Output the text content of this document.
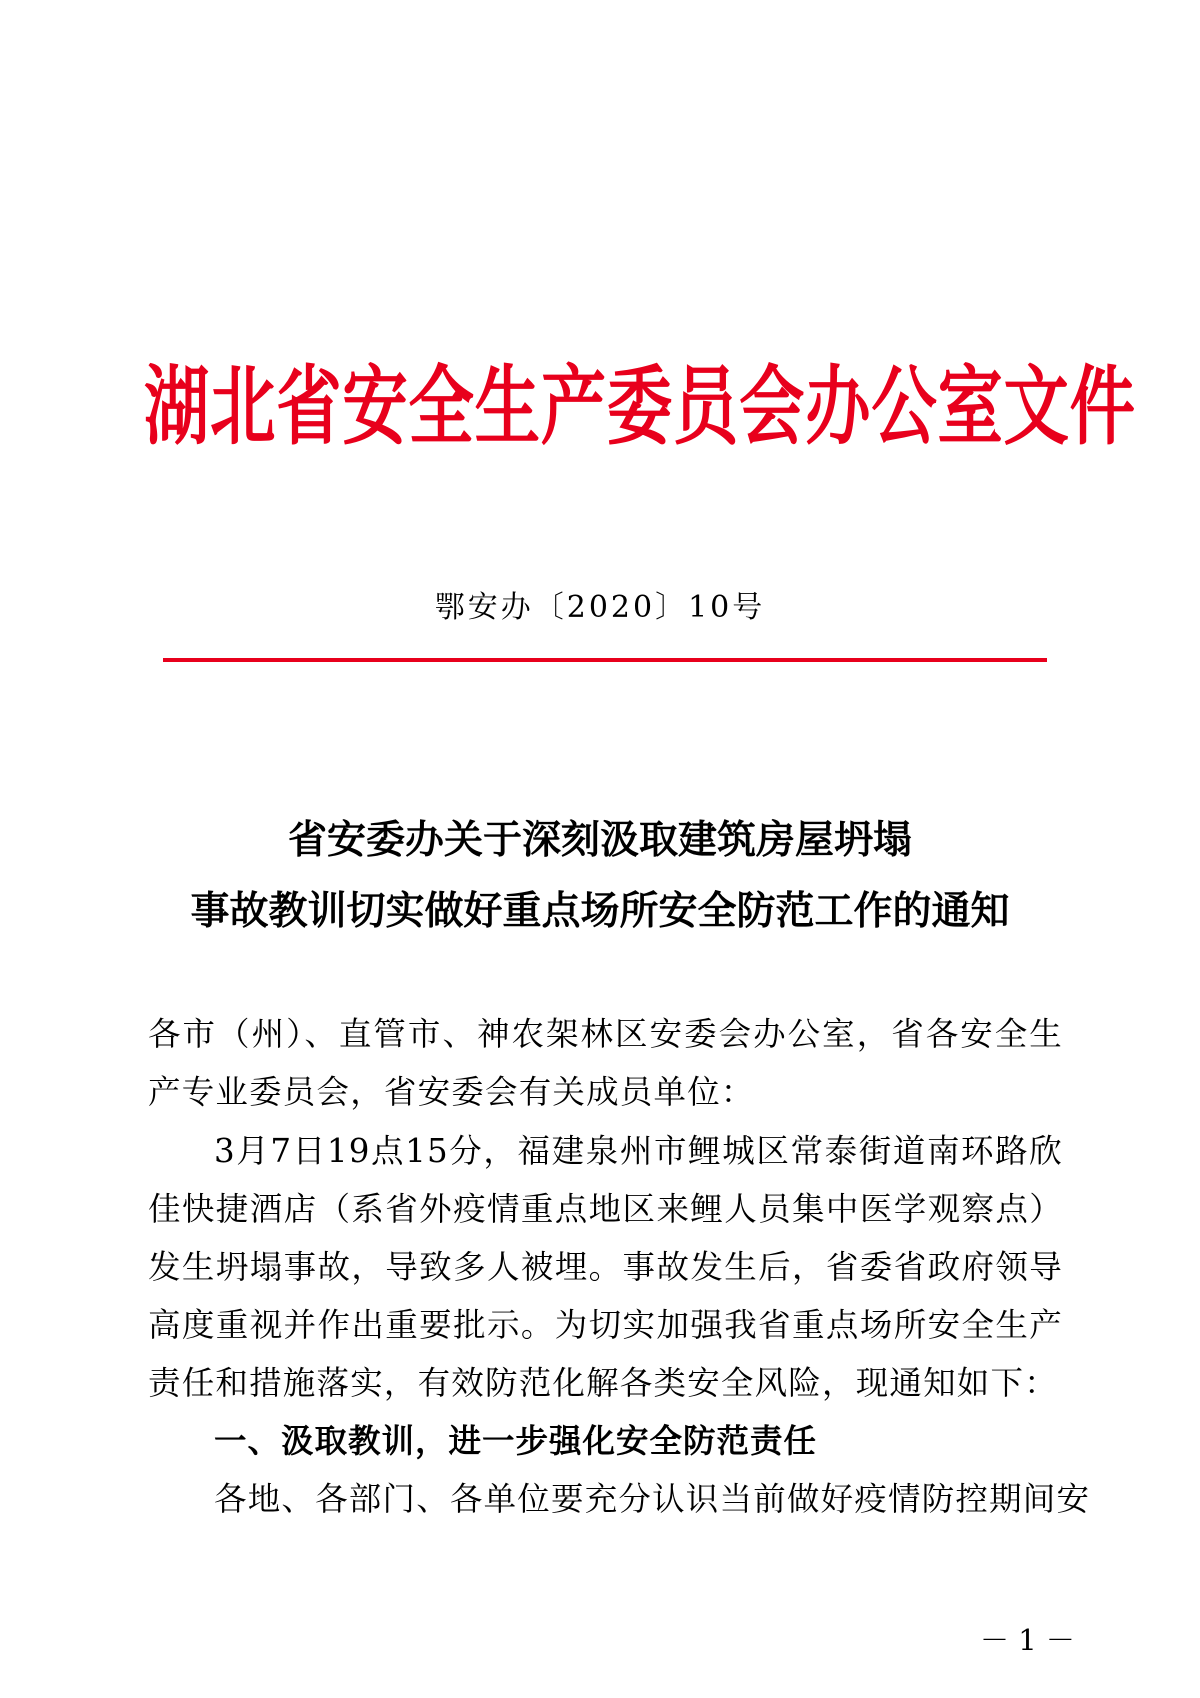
湖北省安全生产委员会办公室文件
鄂安办〔2020〕10号
省安委办关于深刻汲取建筑房屋坍塌
事故教训切实做好重点场所安全防范工作的通知
各市（州）、直管市、神农架林区安委会办公室，省各安全生产专业委员会，省安委会有关成员单位：
3月7日19点15分，福建泉州市鲤城区常泰街道南环路欣佳快捷酒店（系省外疫情重点地区来鲤人员集中医学观察点）发生坍塌事故，导致多人被埋。事故发生后，省委省政府领导高度重视并作出重要批示。为切实加强我省重点场所安全生产责任和措施落实，有效防范化解各类安全风险，现通知如下：
一、汲取教训，进一步强化安全防范责任
各地、各部门、各单位要充分认识当前做好疫情防控期间安
－ 1 －
